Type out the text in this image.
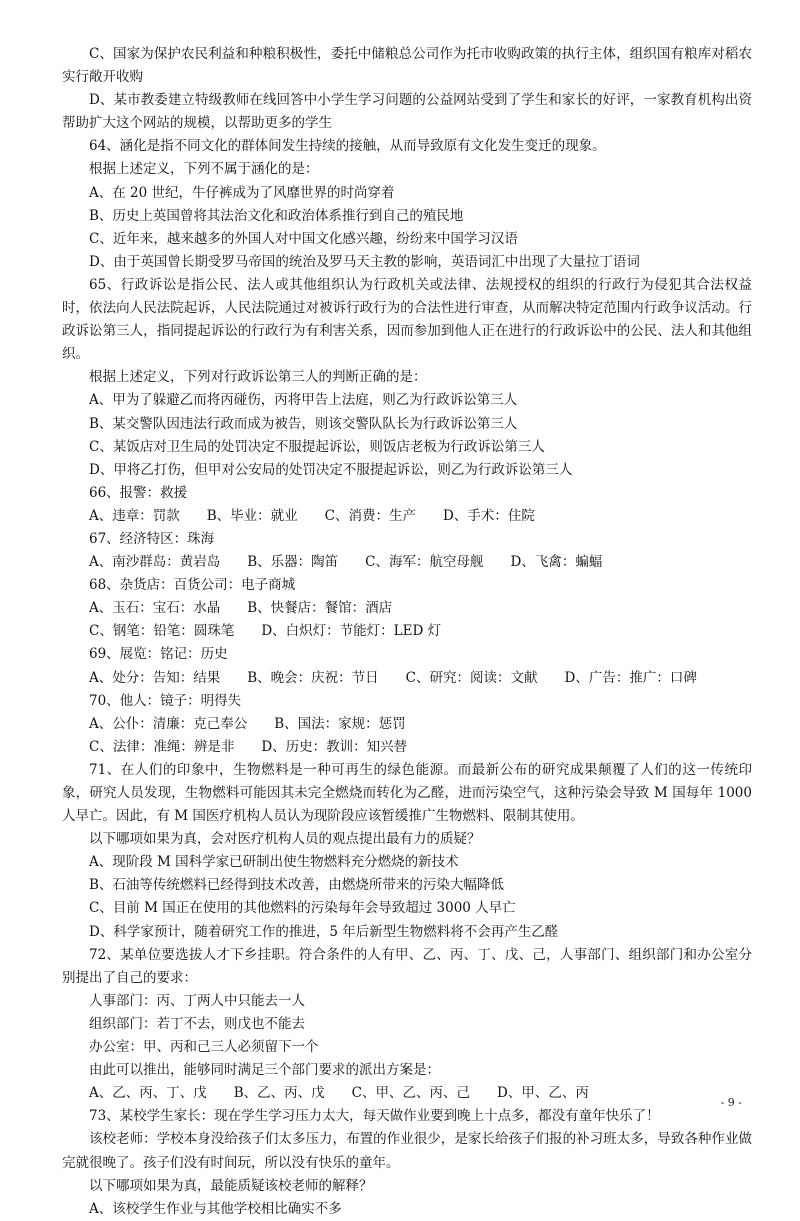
C、国家为保护农民利益和种粮积极性，委托中储粮总公司作为托市收购政策的执行主体，组织国有粮库对稻农实行敞开收购

D、某市教委建立特级教师在线回答中小学生学习问题的公益网站受到了学生和家长的好评，一家教育机构出资帮助扩大这个网站的规模，以帮助更多的学生

64、涵化是指不同文化的群体间发生持续的接触，从而导致原有文化发生变迁的现象。

根据上述定义，下列不属于涵化的是：

A、在 20 世纪，牛仔裤成为了风靡世界的时尚穿着

B、历史上英国曾将其法治文化和政治体系推行到自己的殖民地

C、近年来，越来越多的外国人对中国文化感兴趣，纷纷来中国学习汉语

D、由于英国曾长期受罗马帝国的统治及罗马天主教的影响，英语词汇中出现了大量拉丁语词

65、行政诉讼是指公民、法人或其他组织认为行政机关或法律、法规授权的组织的行政行为侵犯其合法权益时，依法向人民法院起诉，人民法院通过对被诉行政行为的合法性进行审查，从而解决特定范围内行政争议活动。行政诉讼第三人，指同提起诉讼的行政行为有利害关系，因而参加到他人正在进行的行政诉讼中的公民、法人和其他组织。

根据上述定义，下列对行政诉讼第三人的判断正确的是：

A、甲为了躲避乙而将丙碰伤，丙将甲告上法庭，则乙为行政诉讼第三人

B、某交警队因违法行政而成为被告，则该交警队队长为行政诉讼第三人

C、某饭店对卫生局的处罚决定不服提起诉讼，则饭店老板为行政诉讼第三人

D、甲将乙打伤，但甲对公安局的处罚决定不服提起诉讼，则乙为行政诉讼第三人

66、报警：救援

A、违章：罚款　　B、毕业：就业　　C、消费：生产　　D、手术：住院

67、经济特区：珠海

A、南沙群岛：黄岩岛　　B、乐器：陶笛　　C、海军：航空母舰　　D、飞禽：蝙蝠

68、杂货店：百货公司：电子商城

A、玉石：宝石：水晶　　B、快餐店：餐馆：酒店

C、钢笔：铅笔：圆珠笔　　D、白炽灯：节能灯：LED 灯

69、展览：铭记：历史

A、处分：告知：结果　　B、晚会：庆祝：节日　　C、研究：阅读：文献　　D、广告：推广：口碑

70、他人：镜子：明得失

A、公仆：清廉：克己奉公　　B、国法：家规：惩罚

C、法律：准绳：辨是非　　D、历史：教训：知兴替

71、在人们的印象中，生物燃料是一种可再生的绿色能源。而最新公布的研究成果颠覆了人们的这一传统印象，研究人员发现，生物燃料可能因其未完全燃烧而转化为乙醛，进而污染空气，这种污染会导致 M 国每年 1000 人早亡。因此，有 M 国医疗机构人员认为现阶段应该暂缓推广生物燃料、限制其使用。

以下哪项如果为真，会对医疗机构人员的观点提出最有力的质疑？

A、现阶段 M 国科学家已研制出使生物燃料充分燃烧的新技术

B、石油等传统燃料已经得到技术改善，由燃烧所带来的污染大幅降低

C、目前 M 国正在使用的其他燃料的污染每年会导致超过 3000 人早亡

D、科学家预计，随着研究工作的推进，5 年后新型生物燃料将不会再产生乙醛

72、某单位要选拔人才下乡挂职。符合条件的人有甲、乙、丙、丁、戊、己，人事部门、组织部门和办公室分别提出了自己的要求：

人事部门：丙、丁两人中只能去一人

组织部门：若丁不去，则戊也不能去

办公室：甲、丙和己三人必须留下一个

由此可以推出，能够同时满足三个部门要求的派出方案是：

A、乙、丙、丁、戊　　B、乙、丙、戊　　C、甲、乙、丙、己　　D、甲、乙、丙

73、某校学生家长：现在学生学习压力太大，每天做作业要到晚上十点多，都没有童年快乐了！

该校老师：学校本身没给孩子们太多压力，布置的作业很少，是家长给孩子们报的补习班太多，导致各种作业做完就很晚了。孩子们没有时间玩，所以没有快乐的童年。

以下哪项如果为真，最能质疑该校老师的解释？

A、该校学生作业与其他学校相比确实不多

- 9 -
